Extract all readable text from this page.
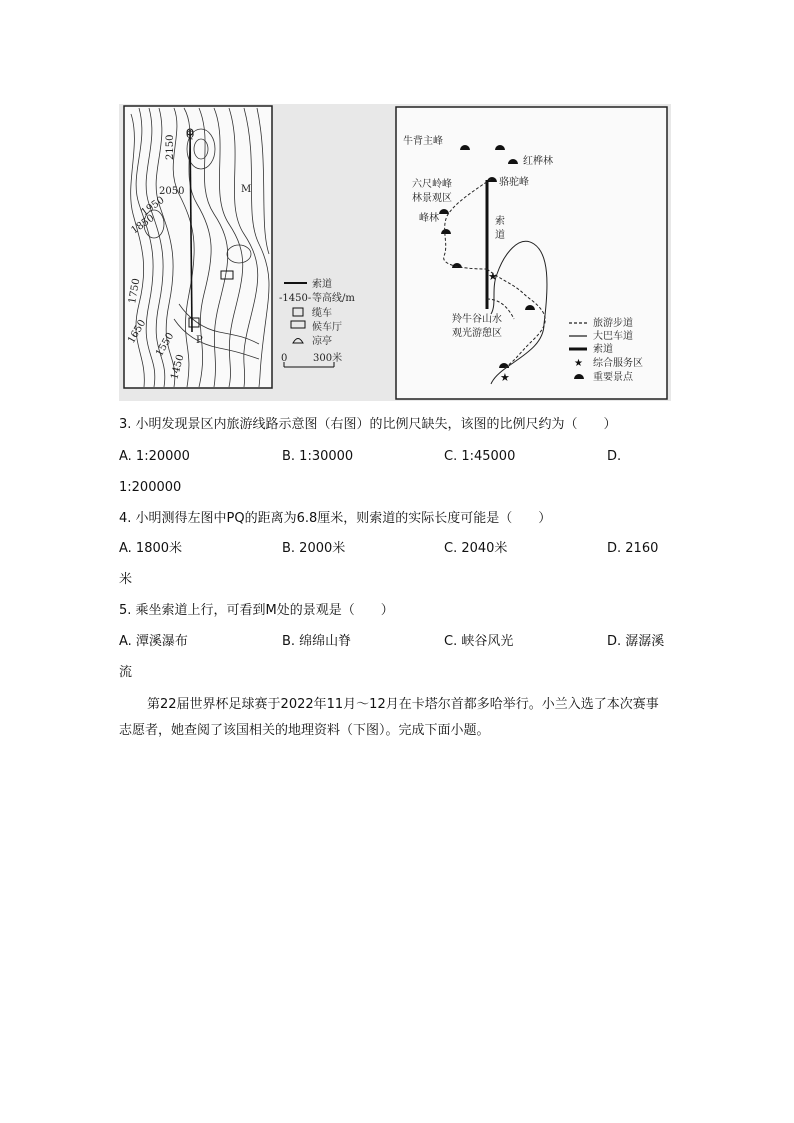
Q
P
M
2150
2050
1950
1850
1750
1650 1550
1450
索道
-1450- 等高线/m
缆车
候车厅
凉亭
0	300米
牛背主峰
红桦林
骆驼峰
六尺岭峰
林景观区
峰林	索
道
羚牛谷山水
观光游憩区
★
★
旅游步道
大巴车道
索道
★ 综合服务区
重要景点
3. 小明发现景区内旅游线路示意图（右图）的比例尺缺失，该图的比例尺约为（　　）
A. 1:20000	B. 1:30000	C. 1:45000	D.
1:200000
4. 小明测得左图中PQ的距离为6.8厘米，则索道的实际长度可能是（　　）
A. 1800米	B. 2000米	C. 2040米	D. 2160
米
5. 乘坐索道上行，可看到M处的景观是（　　）
A. 潭溪瀑布	B. 绵绵山脊	C. 峡谷风光	D. 潺潺溪
流
第22届世界杯足球赛于2022年11月～12月在卡塔尔首都多哈举行。小兰入选了本次赛事志愿者，她查阅了该国相关的地理资料（下图）。完成下面小题。
